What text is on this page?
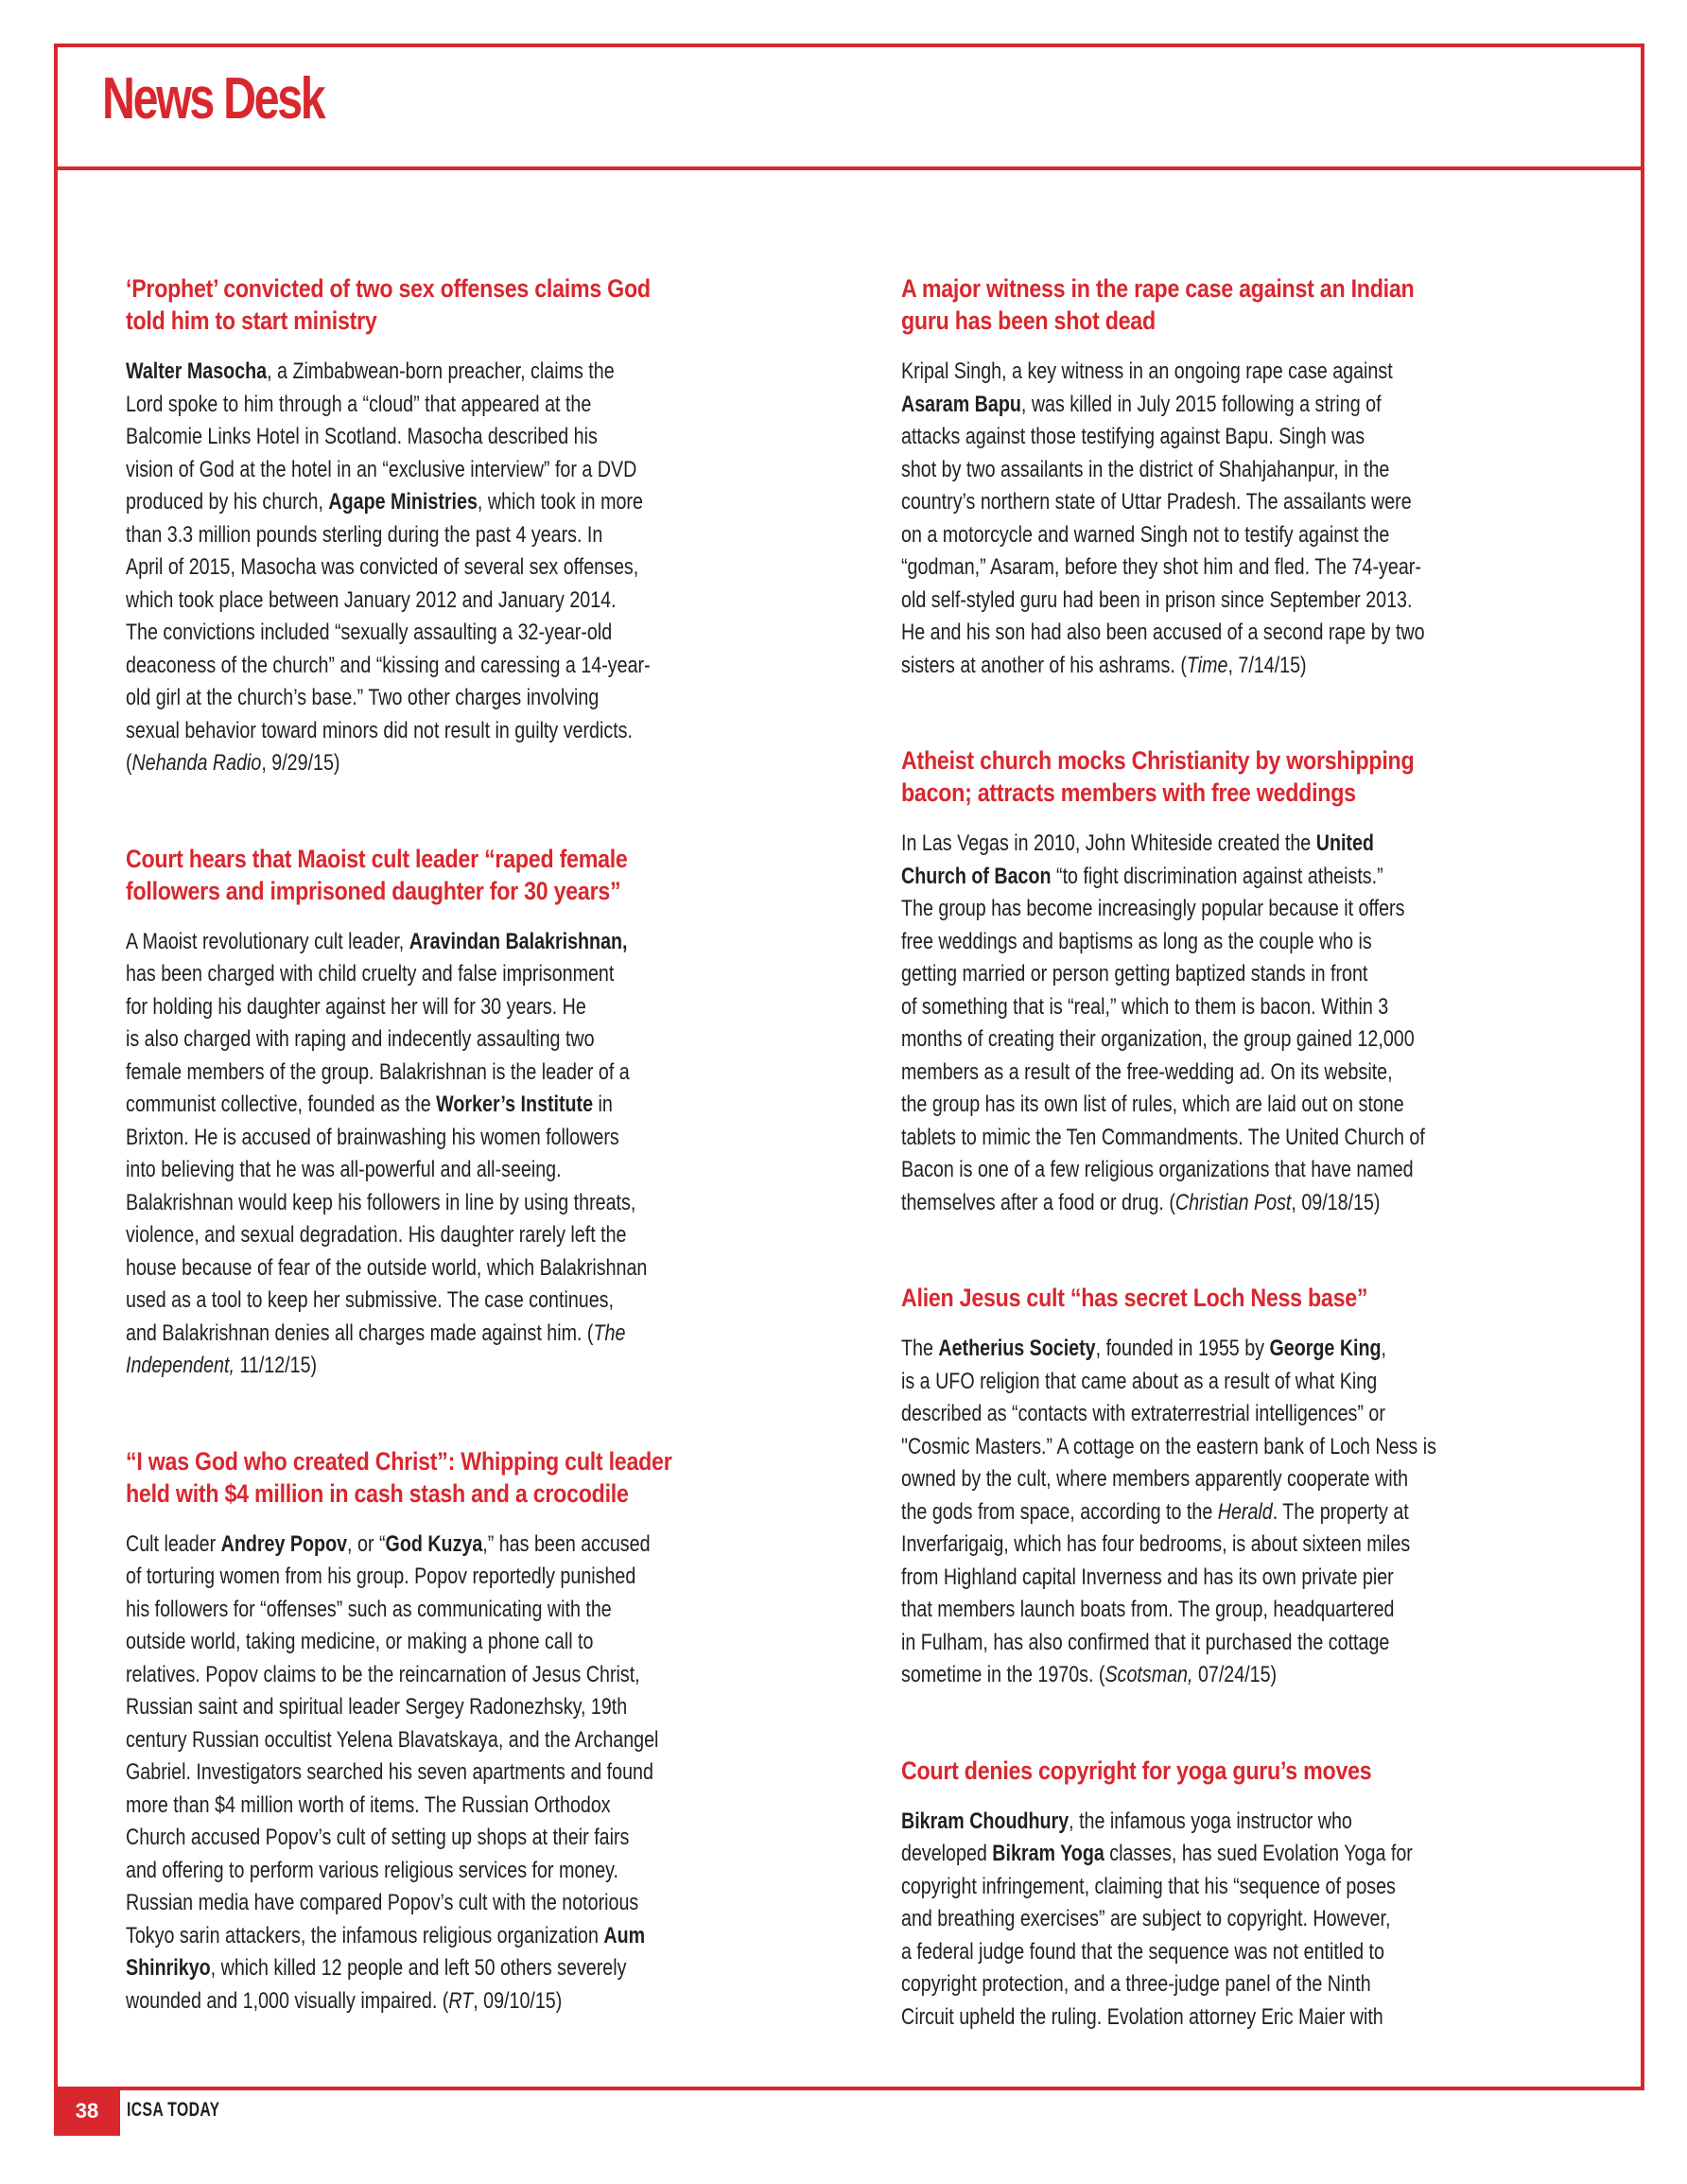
News Desk
‘Prophet’ convicted of two sex offenses claims God
told him to start ministry
Walter Masocha, a Zimbabwean-born preacher, claims the
Lord spoke to him through a “cloud” that appeared at the
Balcomie Links Hotel in Scotland. Masocha described his
vision of God at the hotel in an “exclusive interview” for a DVD
produced by his church, Agape Ministries, which took in more
than 3.3 million pounds sterling during the past 4 years. In
April of 2015, Masocha was convicted of several sex offenses,
which took place between January 2012 and January 2014.
The convictions included “sexually assaulting a 32-year-old
deaconess of the church” and “kissing and caressing a 14-year-
old girl at the church’s base.” Two other charges involving
sexual behavior toward minors did not result in guilty verdicts.
(Nehanda Radio, 9/29/15)
Court hears that Maoist cult leader “raped female
followers and imprisoned daughter for 30 years”
A Maoist revolutionary cult leader, Aravindan Balakrishnan,
has been charged with child cruelty and false imprisonment
for holding his daughter against her will for 30 years. He
is also charged with raping and indecently assaulting two
female members of the group. Balakrishnan is the leader of a
communist collective, founded as the Worker’s Institute in
Brixton. He is accused of brainwashing his women followers
into believing that he was all-powerful and all-seeing.
Balakrishnan would keep his followers in line by using threats,
violence, and sexual degradation. His daughter rarely left the
house because of fear of the outside world, which Balakrishnan
used as a tool to keep her submissive. The case continues,
and Balakrishnan denies all charges made against him. (The
Independent, 11/12/15)
“I was God who created Christ”: Whipping cult leader
held with $4 million in cash stash and a crocodile
Cult leader Andrey Popov, or “God Kuzya,” has been accused
of torturing women from his group. Popov reportedly punished
his followers for “offenses” such as communicating with the
outside world, taking medicine, or making a phone call to
relatives. Popov claims to be the reincarnation of Jesus Christ,
Russian saint and spiritual leader Sergey Radonezhsky, 19th
century Russian occultist Yelena Blavatskaya, and the Archangel
Gabriel. Investigators searched his seven apartments and found
more than $4 million worth of items. The Russian Orthodox
Church accused Popov’s cult of setting up shops at their fairs
and offering to perform various religious services for money.
Russian media have compared Popov’s cult with the notorious
Tokyo sarin attackers, the infamous religious organization Aum
Shinrikyo, which killed 12 people and left 50 others severely
wounded and 1,000 visually impaired. (RT, 09/10/15)
A major witness in the rape case against an Indian
guru has been shot dead
Kripal Singh, a key witness in an ongoing rape case against
Asaram Bapu, was killed in July 2015 following a string of
attacks against those testifying against Bapu. Singh was
shot by two assailants in the district of Shahjahanpur, in the
country’s northern state of Uttar Pradesh. The assailants were
on a motorcycle and warned Singh not to testify against the
“godman,” Asaram, before they shot him and fled. The 74-year-
old self-styled guru had been in prison since September 2013.
He and his son had also been accused of a second rape by two
sisters at another of his ashrams. (Time, 7/14/15)
Atheist church mocks Christianity by worshipping
bacon; attracts members with free weddings
In Las Vegas in 2010, John Whiteside created the United
Church of Bacon “to fight discrimination against atheists.”
The group has become increasingly popular because it offers
free weddings and baptisms as long as the couple who is
getting married or person getting baptized stands in front
of something that is “real,” which to them is bacon. Within 3
months of creating their organization, the group gained 12,000
members as a result of the free-wedding ad. On its website,
the group has its own list of rules, which are laid out on stone
tablets to mimic the Ten Commandments. The United Church of
Bacon is one of a few religious organizations that have named
themselves after a food or drug. (Christian Post, 09/18/15)
Alien Jesus cult “has secret Loch Ness base”
The Aetherius Society, founded in 1955 by George King,
is a UFO religion that came about as a result of what King
described as “contacts with extraterrestrial intelligences” or
"Cosmic Masters.” A cottage on the eastern bank of Loch Ness is
owned by the cult, where members apparently cooperate with
the gods from space, according to the Herald. The property at
Inverfarigaig, which has four bedrooms, is about sixteen miles
from Highland capital Inverness and has its own private pier
that members launch boats from. The group, headquartered
in Fulham, has also confirmed that it purchased the cottage
sometime in the 1970s. (Scotsman, 07/24/15)
Court denies copyright for yoga guru’s moves
Bikram Choudhury, the infamous yoga instructor who
developed Bikram Yoga classes, has sued Evolation Yoga for
copyright infringement, claiming that his “sequence of poses
and breathing exercises” are subject to copyright. However,
a federal judge found that the sequence was not entitled to
copyright protection, and a three-judge panel of the Ninth
Circuit upheld the ruling. Evolation attorney Eric Maier with
38	ICSA TODAY
